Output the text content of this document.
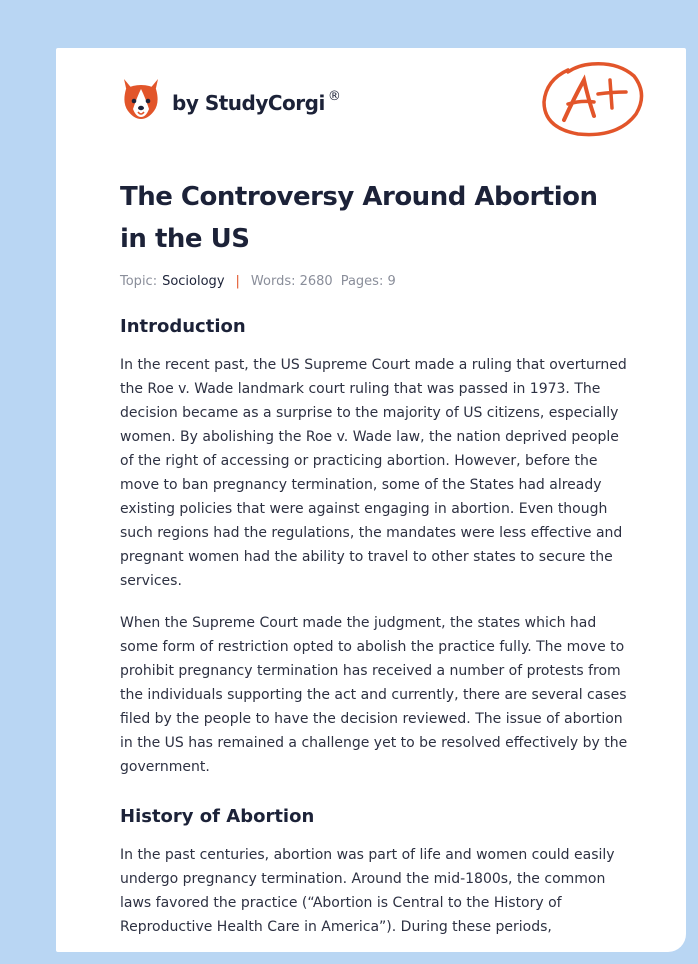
by StudyCorgi ®
The Controversy Around Abortion in the US
Topic: Sociology | Words: 2680 Pages: 9
Introduction

In the recent past, the US Supreme Court made a ruling that overturned the Roe v. Wade landmark court ruling that was passed in 1973. The decision became as a surprise to the majority of US citizens, especially women. By abolishing the Roe v. Wade law, the nation deprived people of the right of accessing or practicing abortion. However, before the move to ban pregnancy termination, some of the States had already existing policies that were against engaging in abortion. Even though such regions had the regulations, the mandates were less effective and pregnant women had the ability to travel to other states to secure the services.

When the Supreme Court made the judgment, the states which had some form of restriction opted to abolish the practice fully. The move to prohibit pregnancy termination has received a number of protests from the individuals supporting the act and currently, there are several cases filed by the people to have the decision reviewed. The issue of abortion in the US has remained a challenge yet to be resolved effectively by the government.

History of Abortion

In the past centuries, abortion was part of life and women could easily undergo pregnancy termination. Around the mid-1800s, the common laws favored the practice (“Abortion is Central to the History of Reproductive Health Care in America”). During these periods,
